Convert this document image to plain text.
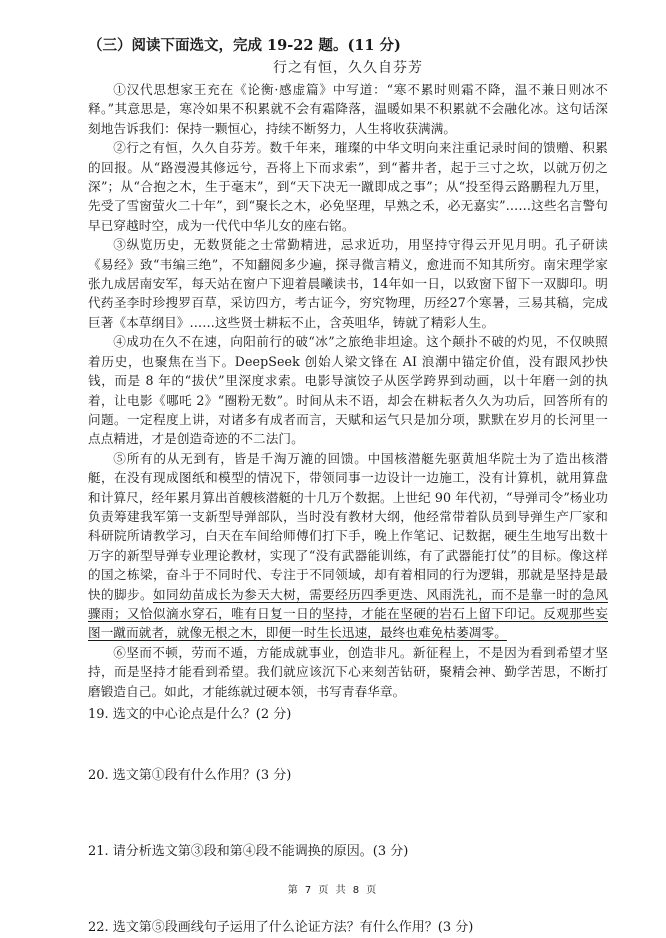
（三）阅读下面选文，完成 19-22 题。(11 分)
行之有恒，久久自芬芳

①汉代思想家王充在《论衡·感虚篇》中写道：“寒不累时则霜不降，温不兼日则冰不释。”其意思是，寒冷如果不积累就不会有霜降落，温暖如果不积累就不会融化冰。这句话深刻地告诉我们：保持一颗恒心，持续不断努力，人生将收获满满。

②行之有恒，久久自芬芳。数千年来，璀璨的中华文明向来注重记录时间的馈赠、积累的回报。从“路漫漫其修远兮，吾将上下而求索”，到“蓄井者，起于三寸之坎，以就万仞之深”；从“合抱之木，生于毫末”，到“天下决无一蹴即成之事”；从“投至得云路鹏程九万里，先受了雪窗萤火二十年”，到“聚长之木，必免坚理，早熟之禾，必无嘉实”……这些名言警句早已穿越时空，成为一代代中华儿女的座右铭。

③纵览历史，无数贤能之士常勤精进，忌求近功，用坚持守得云开见月明。孔子研读《易经》致“韦编三绝”，不知翻阅多少遍，探寻微言精义，愈进而不知其所穷。南宋理学家张九成居南安军，每天站在窗户下迎着晨曦读书，14年如一日，以致窗下留下一双脚印。明代药圣李时珍搜罗百草，采访四方，考古证今，穷究物理，历经27个寒暑，三易其稿，完成巨著《本草纲目》……这些贤士耕耘不止，含英咀华，铸就了精彩人生。

④成功在久不在速，向阳前行的破“冰”之旅绝非坦途。这个颠扑不破的灼见，不仅映照着历史，也聚焦在当下。DeepSeek 创始人梁文锋在 AI 浪潮中锚定价值，没有跟风抄快钱，而是 8 年的“拔伏”里深度求索。电影导演饺子从医学跨界到动画，以十年磨一剑的执着，让电影《哪吒 2》“圈粉无数”。时间从未不语，却会在耕耘者久久为功后，回答所有的问题。一定程度上讲，对诸多有成者而言，天赋和运气只是加分项，默默在岁月的长河里一点点精进，才是创造奇迹的不二法门。

⑤所有的从无到有，皆是千淘万漉的回馈。中国核潜艇先驱黄旭华院士为了造出核潜艇，在没有现成图纸和模型的情况下，带领同事一边设计一边施工，没有计算机，就用算盘和计算尺，经年累月算出首艘核潜艇的十几万个数据。上世纪 90 年代初，“导弹司令”杨业功负责筹建我军第一支新型导弹部队，当时没有教材大纲，他经常带着队员到导弹生产厂家和科研院所请教学习，白天在车间给师傅们打下手，晚上作笔记、记数据，硬生生地写出数十万字的新型导弹专业理论教材，实现了“没有武器能训练，有了武器能打仗”的目标。像这样的国之栋梁，奋斗于不同时代、专注于不同领域，却有着相同的行为逻辑，那就是坚持是最快的脚步。如同幼苗成长为参天大树，需要经历四季更迭、风雨洗礼，而不是靠一时的急风骤雨；又恰似滴水穿石，唯有日复一日的坚持，才能在坚硬的岩石上留下印记。反观那些妄图一蹴而就者，就像无根之木，即便一时生长迅速，最终也难免枯萎凋零。

⑥坚而不顿，劳而不遁，方能成就事业，创造非凡。新征程上，不是因为看到希望才坚持，而是坚持才能看到希望。我们就应该沉下心来刻苦钻研，聚精会神、勤学苦思，不断打磨锻造自己。如此，才能练就过硬本领，书写青春华章。

19. 选文的中心论点是什么？(2 分)

20. 选文第①段有什么作用？(3 分)

21. 请分析选文第③段和第④段不能调换的原因。(3 分)

22. 选文第⑤段画线句子运用了什么论证方法？有什么作用？(3 分)

第 7 页 共 8 页
